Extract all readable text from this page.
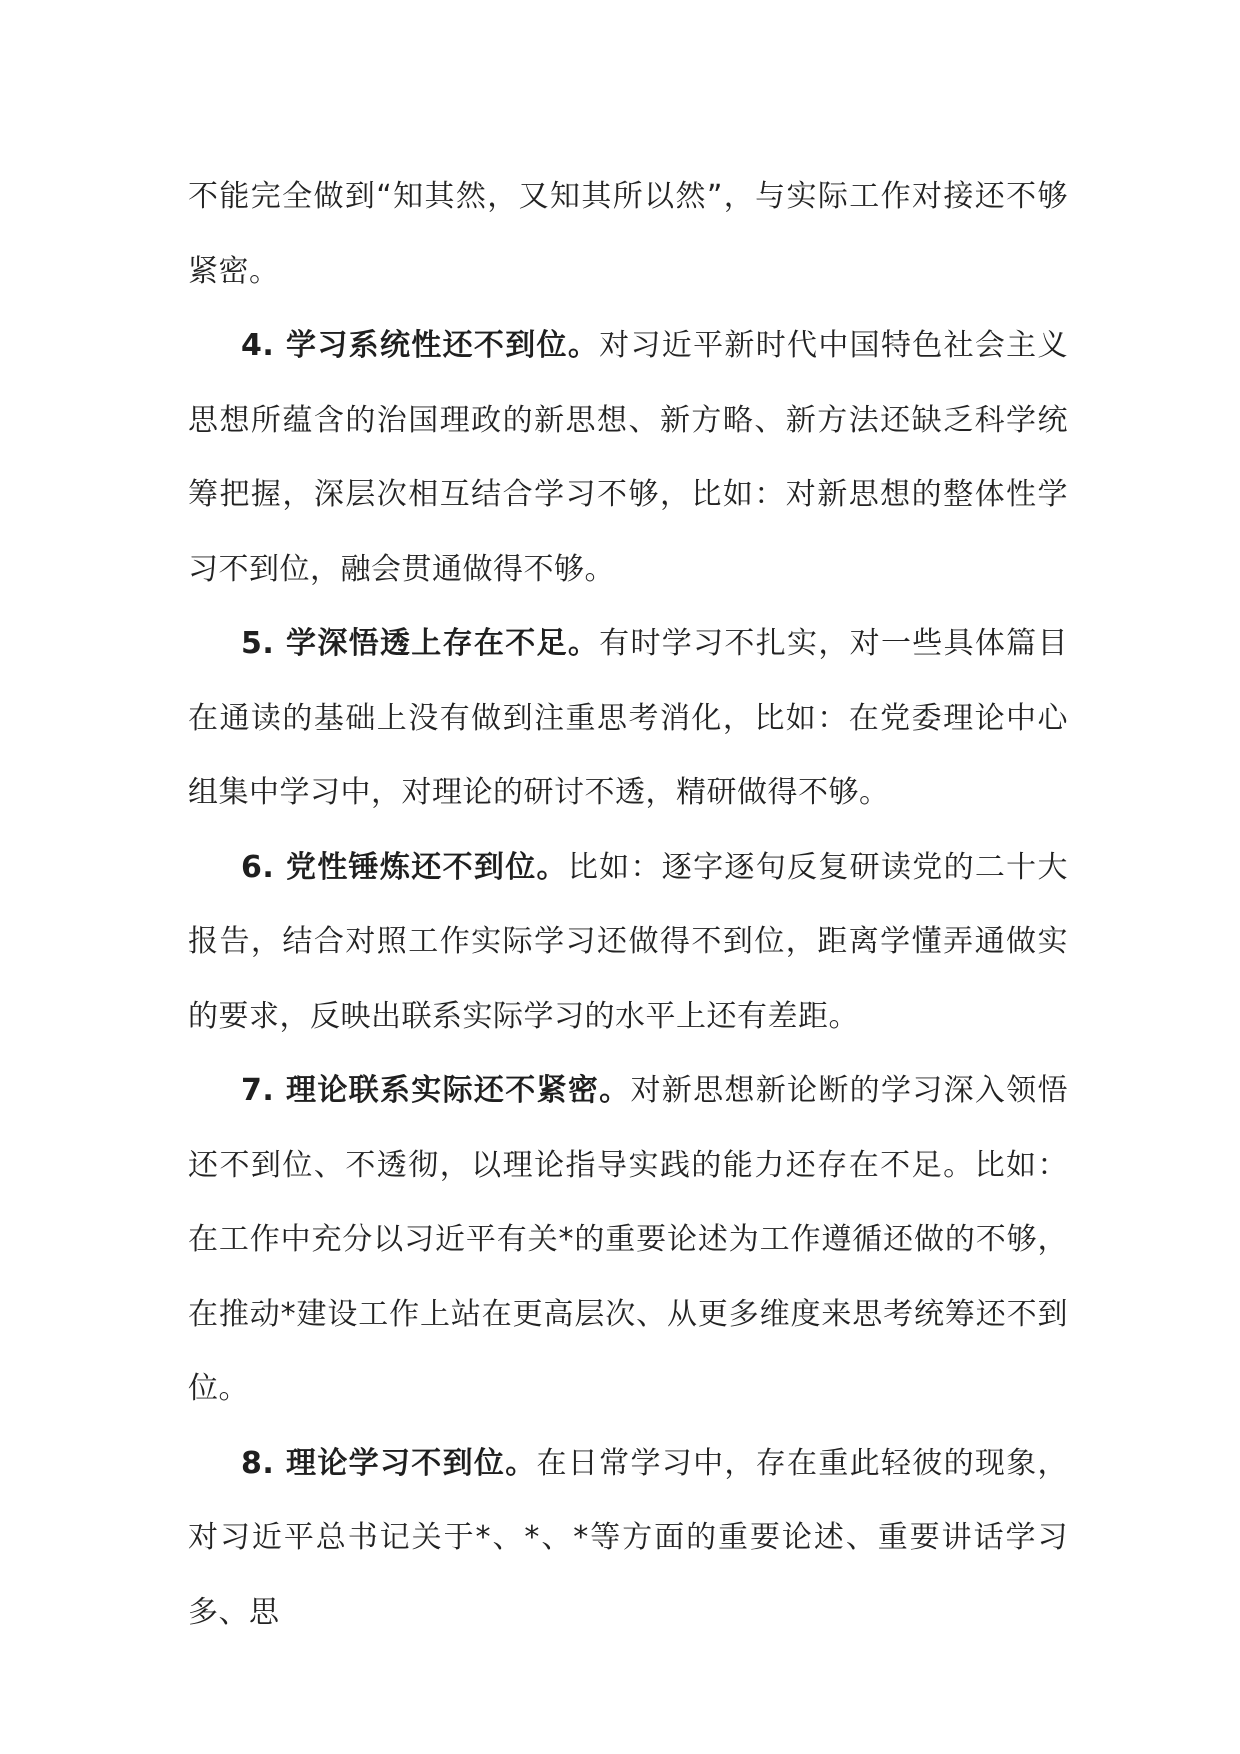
不能完全做到“知其然，又知其所以然”，与实际工作对接还不够紧密。

4. 学习系统性还不到位。对习近平新时代中国特色社会主义思想所蕴含的治国理政的新思想、新方略、新方法还缺乏科学统筹把握，深层次相互结合学习不够，比如：对新思想的整体性学习不到位，融会贯通做得不够。

5. 学深悟透上存在不足。有时学习不扎实，对一些具体篇目在通读的基础上没有做到注重思考消化，比如：在党委理论中心组集中学习中，对理论的研讨不透，精研做得不够。

6. 党性锤炼还不到位。比如：逐字逐句反复研读党的二十大报告，结合对照工作实际学习还做得不到位，距离学懂弄通做实的要求，反映出联系实际学习的水平上还有差距。

7. 理论联系实际还不紧密。对新思想新论断的学习深入领悟还不到位、不透彻，以理论指导实践的能力还存在不足。比如：在工作中充分以习近平有关*的重要论述为工作遵循还做的不够，在推动*建设工作上站在更高层次、从更多维度来思考统筹还不到位。

8. 理论学习不到位。在日常学习中，存在重此轻彼的现象，对习近平总书记关于*、*、*等方面的重要论述、重要讲话学习多、思
